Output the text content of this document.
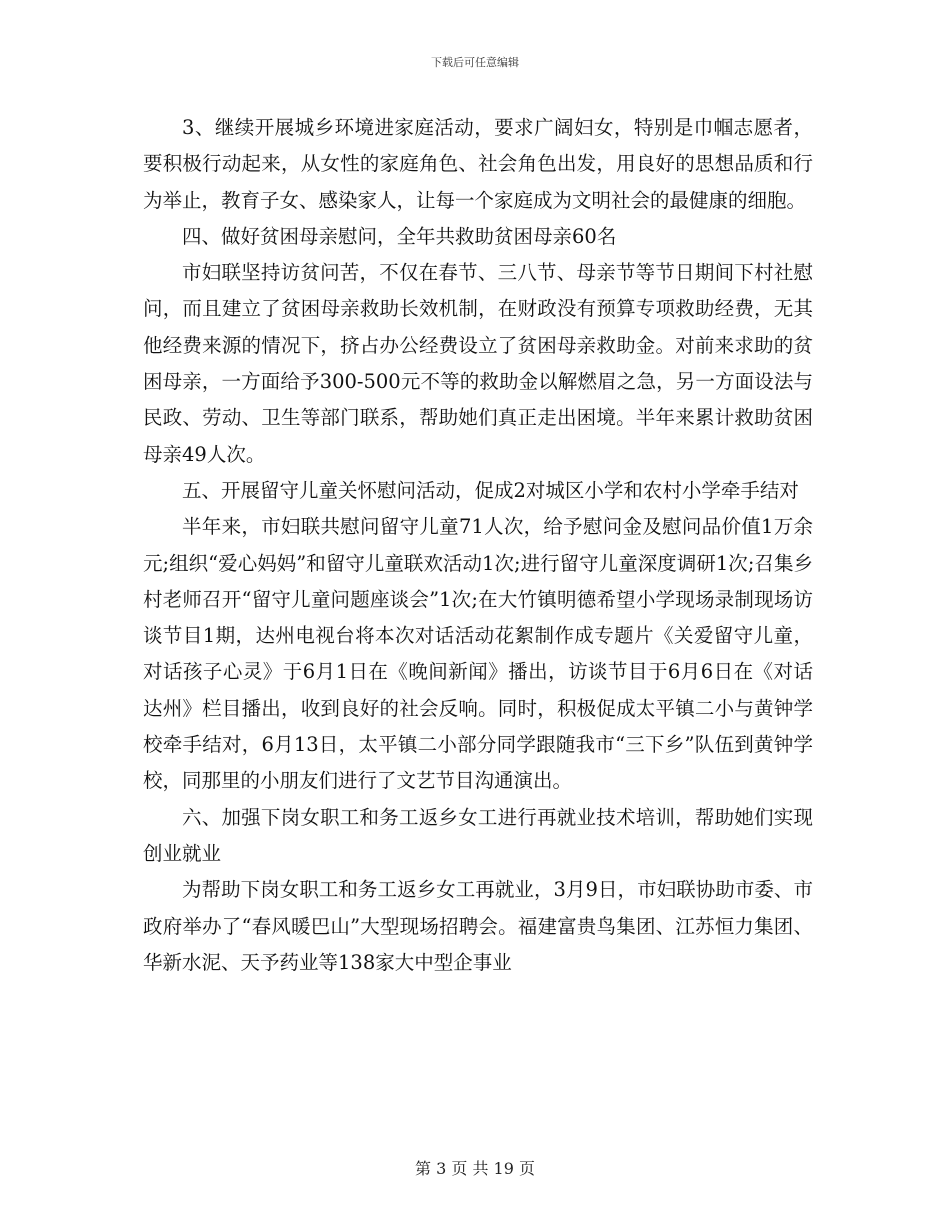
下载后可任意编辑

3、继续开展城乡环境进家庭活动，要求广阔妇女，特别是巾帼志愿者，要积极行动起来，从女性的家庭角色、社会角色出发，用良好的思想品质和行为举止，教育子女、感染家人，让每一个家庭成为文明社会的最健康的细胞。

四、做好贫困母亲慰问，全年共救助贫困母亲60名

市妇联坚持访贫问苦，不仅在春节、三八节、母亲节等节日期间下村社慰问，而且建立了贫困母亲救助长效机制，在财政没有预算专项救助经费，无其他经费来源的情况下，挤占办公经费设立了贫困母亲救助金。对前来求助的贫困母亲，一方面给予300-500元不等的救助金以解燃眉之急，另一方面设法与民政、劳动、卫生等部门联系，帮助她们真正走出困境。半年来累计救助贫困母亲49人次。

五、开展留守儿童关怀慰问活动，促成2对城区小学和农村小学牵手结对

半年来，市妇联共慰问留守儿童71人次，给予慰问金及慰问品价值1万余元;组织“爱心妈妈”和留守儿童联欢活动1次;进行留守儿童深度调研1次;召集乡村老师召开“留守儿童问题座谈会”1次;在大竹镇明德希望小学现场录制现场访谈节目1期，达州电视台将本次对话活动花絮制作成专题片《关爱留守儿童，对话孩子心灵》于6月1日在《晚间新闻》播出，访谈节目于6月6日在《对话达州》栏目播出，收到良好的社会反响。同时，积极促成太平镇二小与黄钟学校牵手结对，6月13日，太平镇二小部分同学跟随我市“三下乡”队伍到黄钟学校，同那里的小朋友们进行了文艺节目沟通演出。

六、加强下岗女职工和务工返乡女工进行再就业技术培训，帮助她们实现创业就业

为帮助下岗女职工和务工返乡女工再就业，3月9日，市妇联协助市委、市政府举办了“春风暖巴山”大型现场招聘会。福建富贵鸟集团、江苏恒力集团、华新水泥、天予药业等138家大中型企事业

第 3 页 共 19 页
